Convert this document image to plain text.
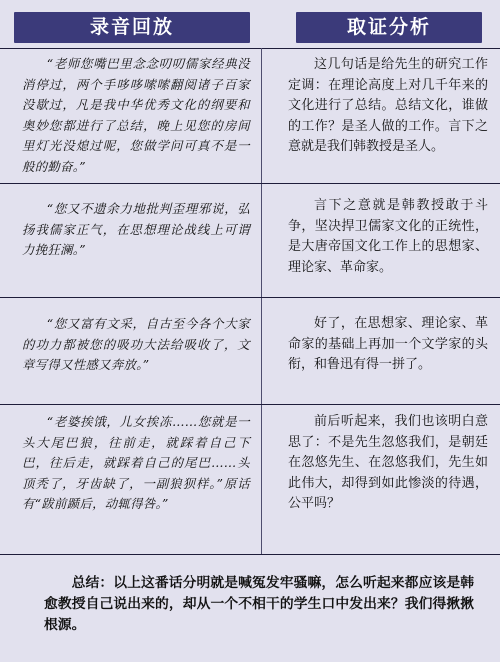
录音回放	取证分析
“老师您嘴巴里念念叨叨儒家经典没消停过，两个手哆哆嗦嗦翻阅诸子百家没歇过，凡是我中华优秀文化的纲要和奥妙您都进行了总结，晚上见您的房间里灯光没熄过呢，您做学问可真不是一般的勤奋。”
这几句话是给先生的研究工作定调：在理论高度上对几千年来的文化进行了总结。总结文化，谁做的工作？是圣人做的工作。言下之意就是我们韩教授是圣人。
“您又不遗余力地批判歪理邪说，弘扬我儒家正气，在思想理论战线上可谓力挽狂澜。”
言下之意就是韩教授敢于斗争，坚决捍卫儒家文化的正统性，是大唐帝国文化工作上的思想家、理论家、革命家。
“您又富有文采，自古至今各个大家的功力都被您的吸功大法给吸收了，文章写得又性感又奔放。”
好了，在思想家、理论家、革命家的基础上再加一个文学家的头衔，和鲁迅有得一拼了。
“老婆挨饿，儿女挨冻……您就是一头大尾巴狼，往前走，就踩着自己下巴，往后走，就踩着自己的尾巴……头顶秃了，牙齿缺了，一副狼狈样。”原话有“跋前踬后，动辄得咎。”
前后听起来，我们也该明白意思了：不是先生忽悠我们，是朝廷在忽悠先生、在忽悠我们，先生如此伟大，却得到如此惨淡的待遇，公平吗？
总结：以上这番话分明就是喊冤发牢骚嘛，怎么听起来都应该是韩愈教授自己说出来的，却从一个不相干的学生口中发出来？我们得揪揪根源。
